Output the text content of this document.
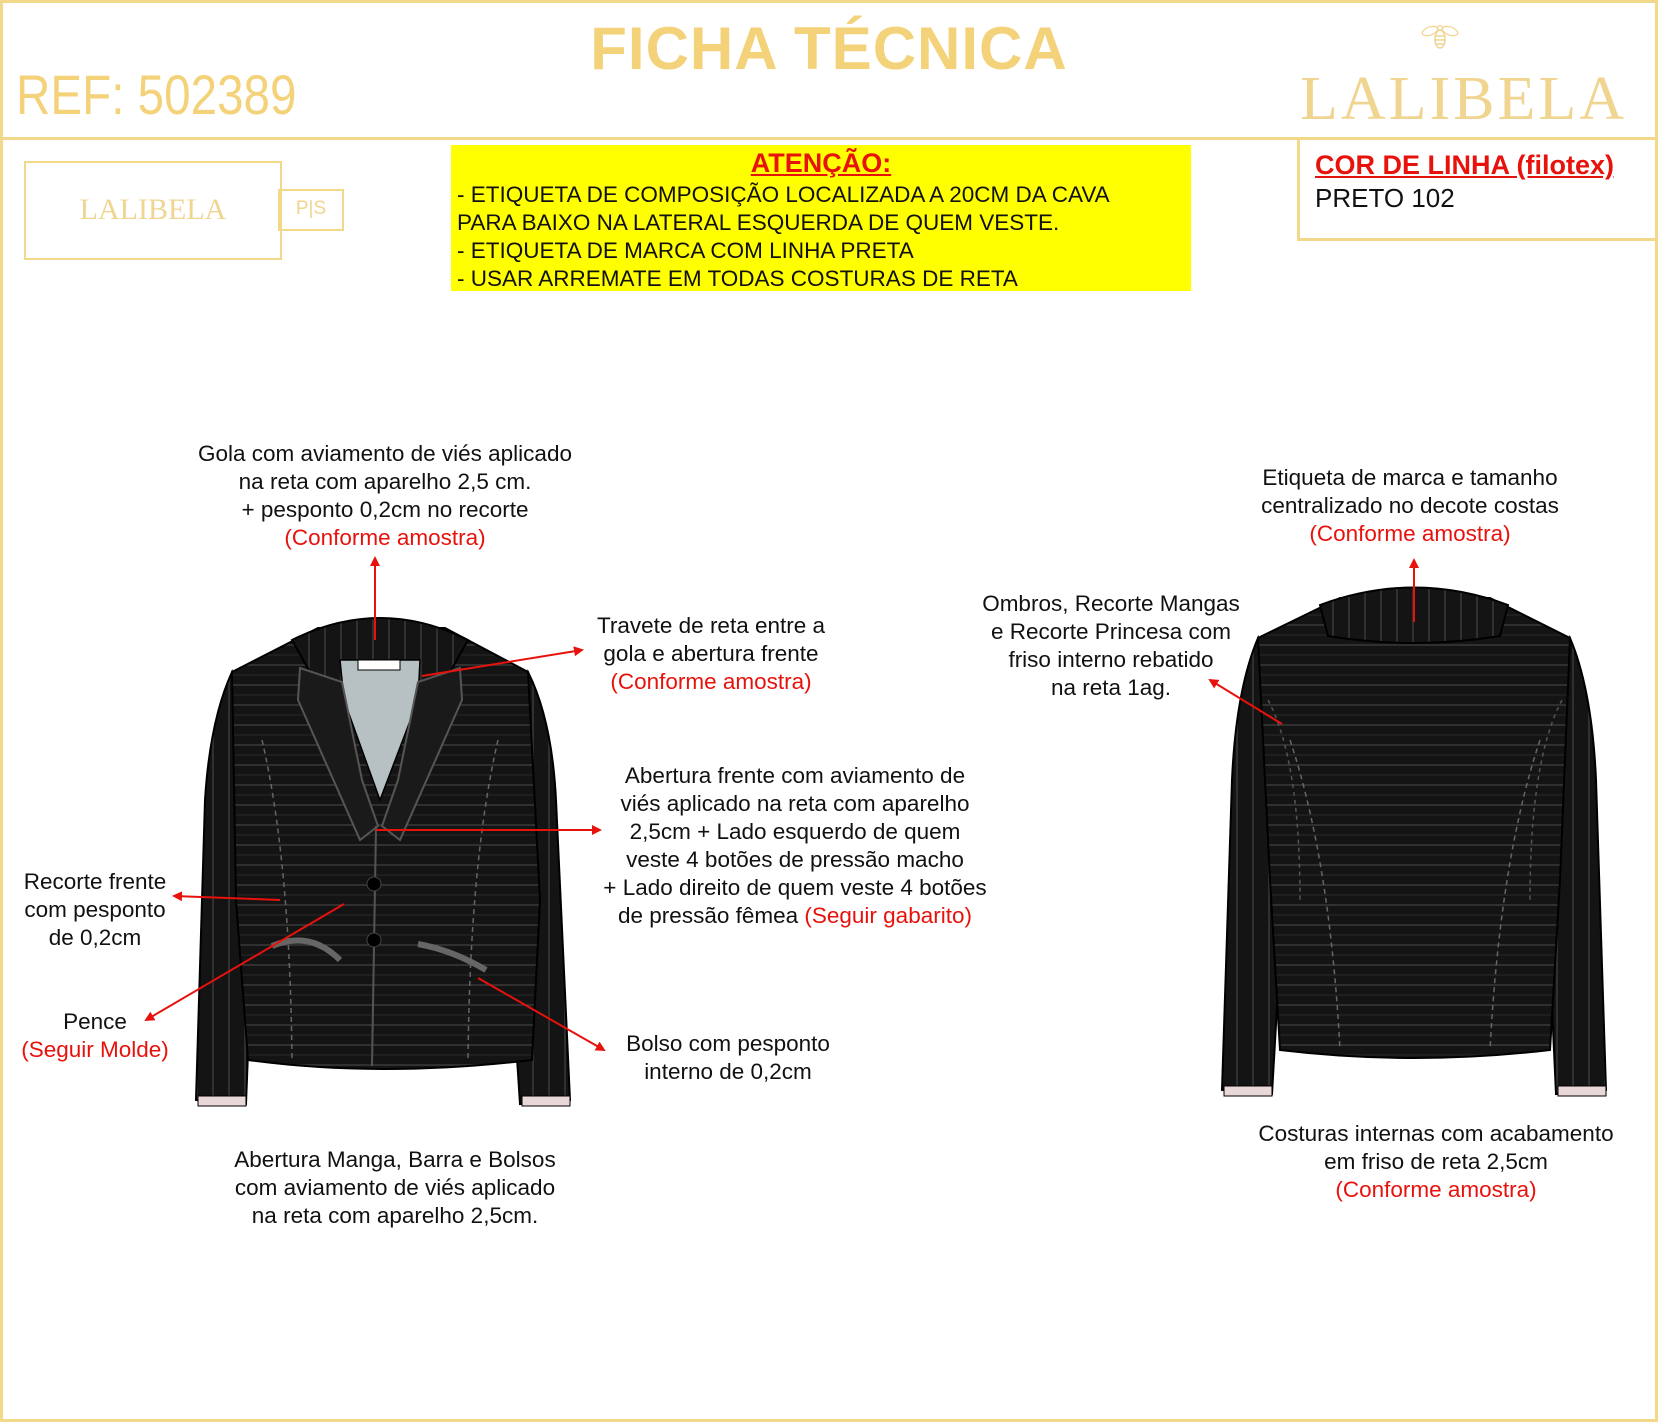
FICHA TÉCNICA
REF: 502389	LALIBELA
LALIBELA	P|S
ATENÇÃO:
- ETIQUETA DE COMPOSIÇÃO LOCALIZADA A 20CM DA CAVA
PARA BAIXO NA LATERAL ESQUERDA DE QUEM VESTE.
- ETIQUETA DE MARCA COM LINHA PRETA
- USAR ARREMATE EM TODAS COSTURAS DE RETA
COR DE LINHA (filotex)
PRETO 102
Gola com aviamento de viés aplicado
na reta com aparelho 2,5 cm.
+ pesponto 0,2cm no recorte
(Conforme amostra)
Travete de reta entre a
gola e abertura frente
(Conforme amostra)
Abertura frente com aviamento de
viés aplicado na reta com aparelho
2,5cm + Lado esquerdo de quem
veste 4 botões de pressão macho
+ Lado direito de quem veste 4 botões
de pressão fêmea (Seguir gabarito)
Recorte frente
com pesponto
de 0,2cm
Pence
(Seguir Molde)	Bolso com pesponto
interno de 0,2cm
Abertura Manga, Barra e Bolsos
com aviamento de viés aplicado
na reta com aparelho 2,5cm.
Etiqueta de marca e tamanho
centralizado no decote costas
(Conforme amostra)
Ombros, Recorte Mangas
e Recorte Princesa com
friso interno rebatido
na reta 1ag.
Costuras internas com acabamento
em friso de reta 2,5cm
(Conforme amostra)
